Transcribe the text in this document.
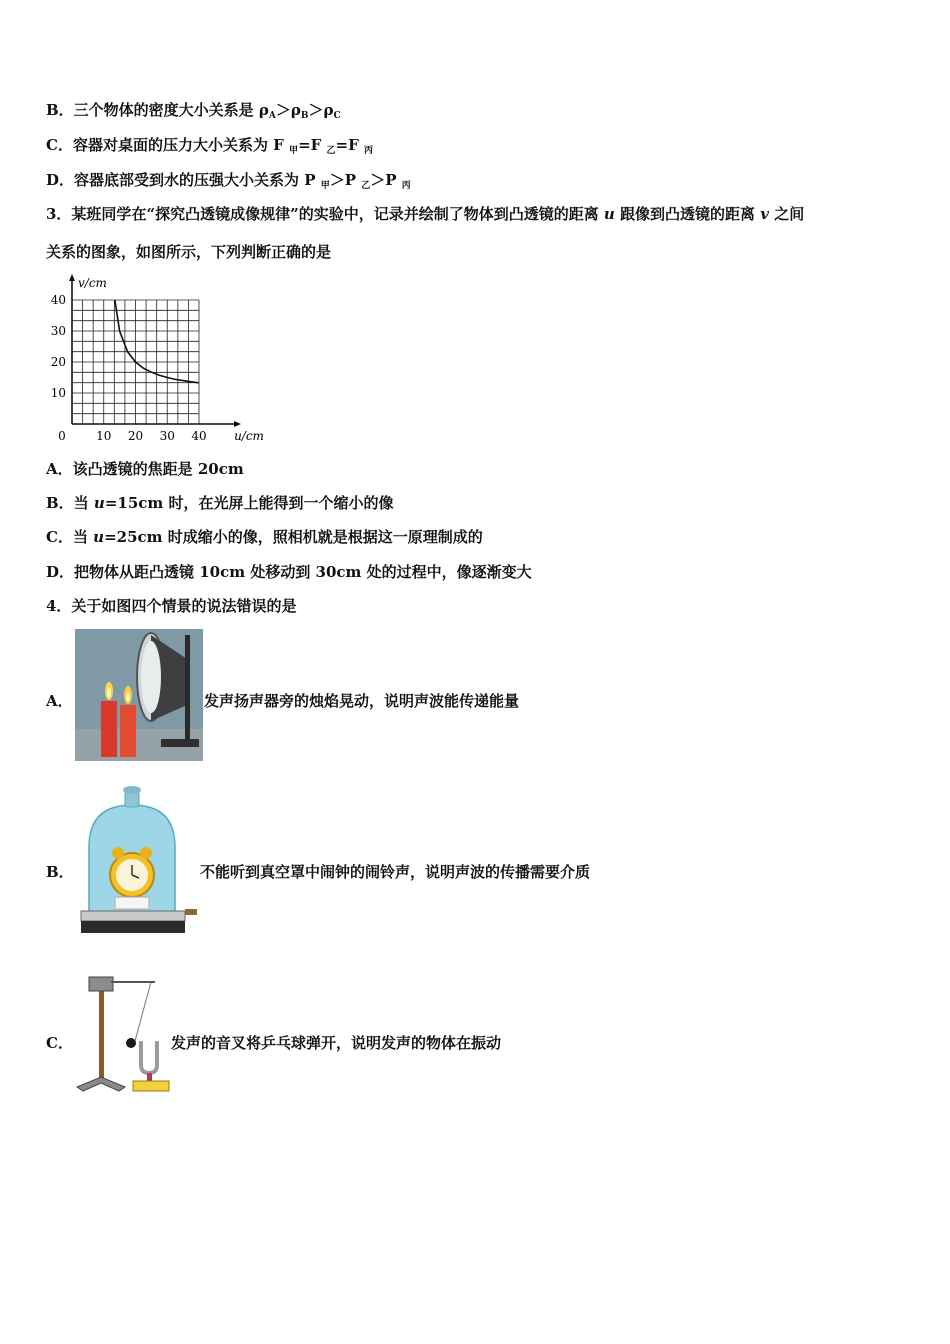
B．三个物体的密度大小关系是 $\rho_A>\rho_B>\rho_C$
C．容器对桌面的压力大小关系为 F $_甲$=F $_乙$=F $_丙$
D．容器底部受到水的压强大小关系为 P $_甲$＞P $_乙$＞P $_丙$
3．某班同学在“探究凸透镜成像规律”的实验中，记录并绘制了物体到凸透镜的距离 u 跟像到凸透镜的距离 v 之间
关系的图象，如图所示，下列判断正确的是
0	10 20 30 40
10
20
30
40
u/cm
v/cm
A．该凸透镜的焦距是 20cm
B．当 u=15cm 时，在光屏上能得到一个缩小的像
C．当 u=25cm 时成缩小的像，照相机就是根据这一原理制成的
D．把物体从距凸透镜 10cm 处移动到 30cm 处的过程中，像逐渐变大
4．关于如图四个情景的说法错误的是
A．	发声扬声器旁的烛焰晃动，说明声波能传递能量
B．	不能听到真空罩中闹钟的闹铃声，说明声波的传播需要介质
C．	发声的音叉将乒乓球弹开，说明发声的物体在振动
